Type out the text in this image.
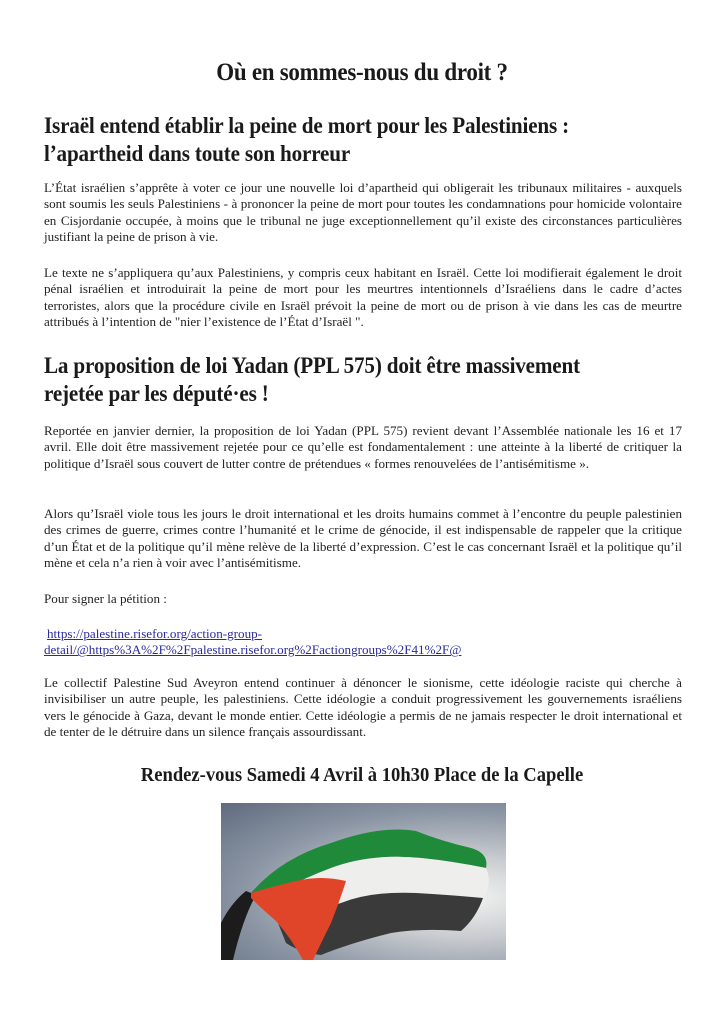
Où en sommes-nous du droit ?
Israël entend établir la peine de mort pour les Palestiniens :
l’apartheid dans toute son horreur
L’État israélien s’apprête à voter ce jour une nouvelle loi d’apartheid qui obligerait les tribunaux militaires - auxquels sont soumis les seuls Palestiniens - à prononcer la peine de mort pour toutes les condamnations pour homicide volontaire en Cisjordanie occupée, à moins que le tribunal ne juge exceptionnellement qu’il existe des circonstances particulières justifiant la peine de prison à vie.
Le texte ne s’appliquera qu’aux Palestiniens, y compris ceux habitant en Israël. Cette loi modifierait également le droit pénal israélien et introduirait la peine de mort pour les meurtres intentionnels d’Israéliens dans le cadre d’actes terroristes, alors que la procédure civile en Israël prévoit la peine de mort ou de prison à vie dans les cas de meurtre attribués à l’intention de "nier l’existence de l’État d’Israël ".
La proposition de loi Yadan (PPL 575) doit être massivement
rejetée par les député·es !
Reportée en janvier dernier, la proposition de loi Yadan (PPL 575) revient devant l’Assemblée nationale les 16 et 17 avril. Elle doit être massivement rejetée pour ce qu’elle est fondamentalement : une atteinte à la liberté de critiquer la politique d’Israël sous couvert de lutter contre de prétendues « formes renouvelées de l’antisémitisme ».
Alors qu’Israël viole tous les jours le droit international et les droits humains commet à l’encontre du peuple palestinien des crimes de guerre, crimes contre l’humanité et le crime de génocide, il est indispensable de rappeler que la critique d’un État et de la politique qu’il mène relève de la liberté d’expression. C’est le cas concernant Israël et la politique qu’il mène et cela n’a rien à voir avec l’antisémitisme.
Pour signer la pétition :
https://palestine.risefor.org/action-group-
detail/@https%3A%2F%2Fpalestine.risefor.org%2Factiongroups%2F41%2F@
Le collectif Palestine Sud Aveyron entend continuer à dénoncer le sionisme, cette idéologie raciste qui cherche à invisibiliser un autre peuple, les palestiniens. Cette idéologie a conduit progressivement les gouvernements israéliens vers le génocide à Gaza, devant le monde entier. Cette idéologie a permis de ne jamais respecter le droit international et de tenter de le détruire dans un silence français assourdissant.
Rendez-vous Samedi 4 Avril à 10h30 Place de la Capelle
